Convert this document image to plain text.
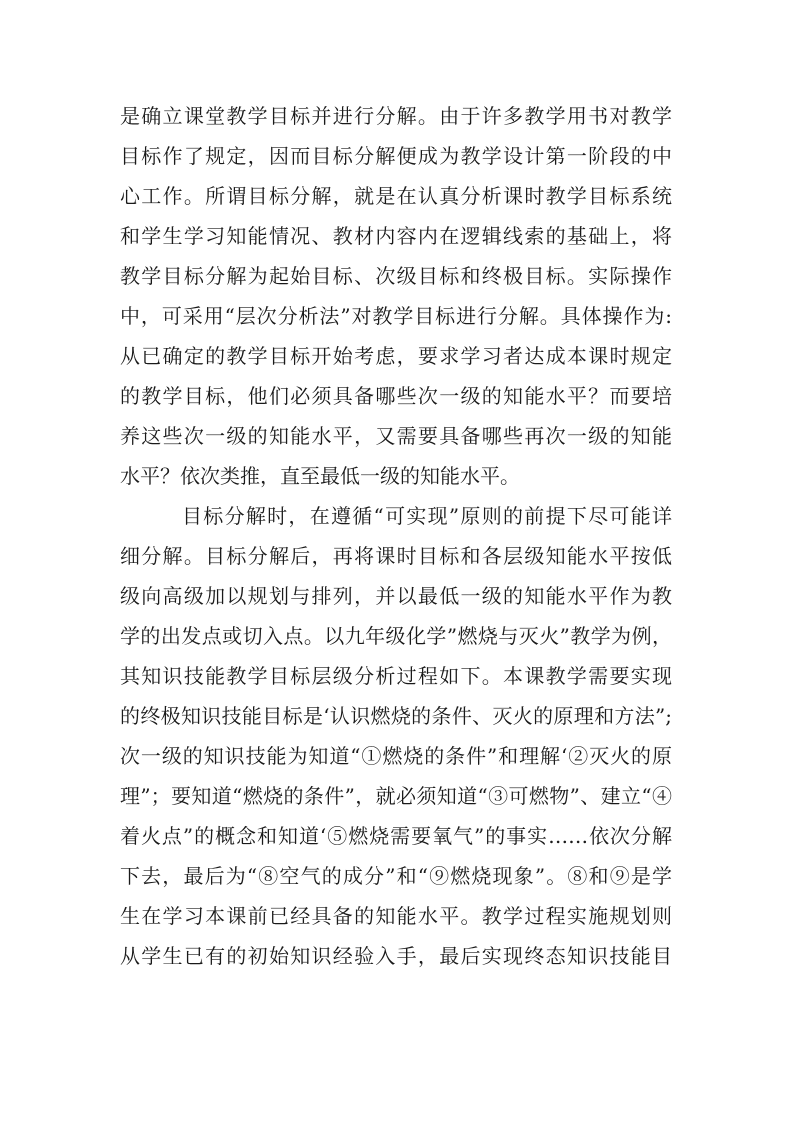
是确立课堂教学目标并进行分解。由于许多教学用书对教学
目标作了规定，因而目标分解便成为教学设计第一阶段的中
心工作。所谓目标分解，就是在认真分析课时教学目标系统
和学生学习知能情况、教材内容内在逻辑线索的基础上，将
教学目标分解为起始目标、次级目标和终极目标。实际操作
中，可采用“层次分析法”对教学目标进行分解。具体操作为:
从已确定的教学目标开始考虑，要求学习者达成本课时规定
的教学目标，他们必须具备哪些次一级的知能水平？而要培
养这些次一级的知能水平，又需要具备哪些再次一级的知能
水平？依次类推，直至最低一级的知能水平。
目标分解时，在遵循“可实现”原则的前提下尽可能详
细分解。目标分解后，再将课时目标和各层级知能水平按低
级向高级加以规划与排列，并以最低一级的知能水平作为教
学的出发点或切入点。以九年级化学”燃烧与灭火”教学为例，
其知识技能教学目标层级分析过程如下。本课教学需要实现
的终极知识技能目标是‘认识燃烧的条件、灭火的原理和方法”;
次一级的知识技能为知道“①燃烧的条件”和理解‘②灭火的原
理”；要知道“燃烧的条件”，就必须知道“③可燃物”、建立“④
着火点”的概念和知道‘⑤燃烧需要氧气”的事实……依次分解
下去，最后为“⑧空气的成分”和“⑨燃烧现象”。⑧和⑨是学
生在学习本课前已经具备的知能水平。教学过程实施规划则
从学生已有的初始知识经验入手，最后实现终态知识技能目
